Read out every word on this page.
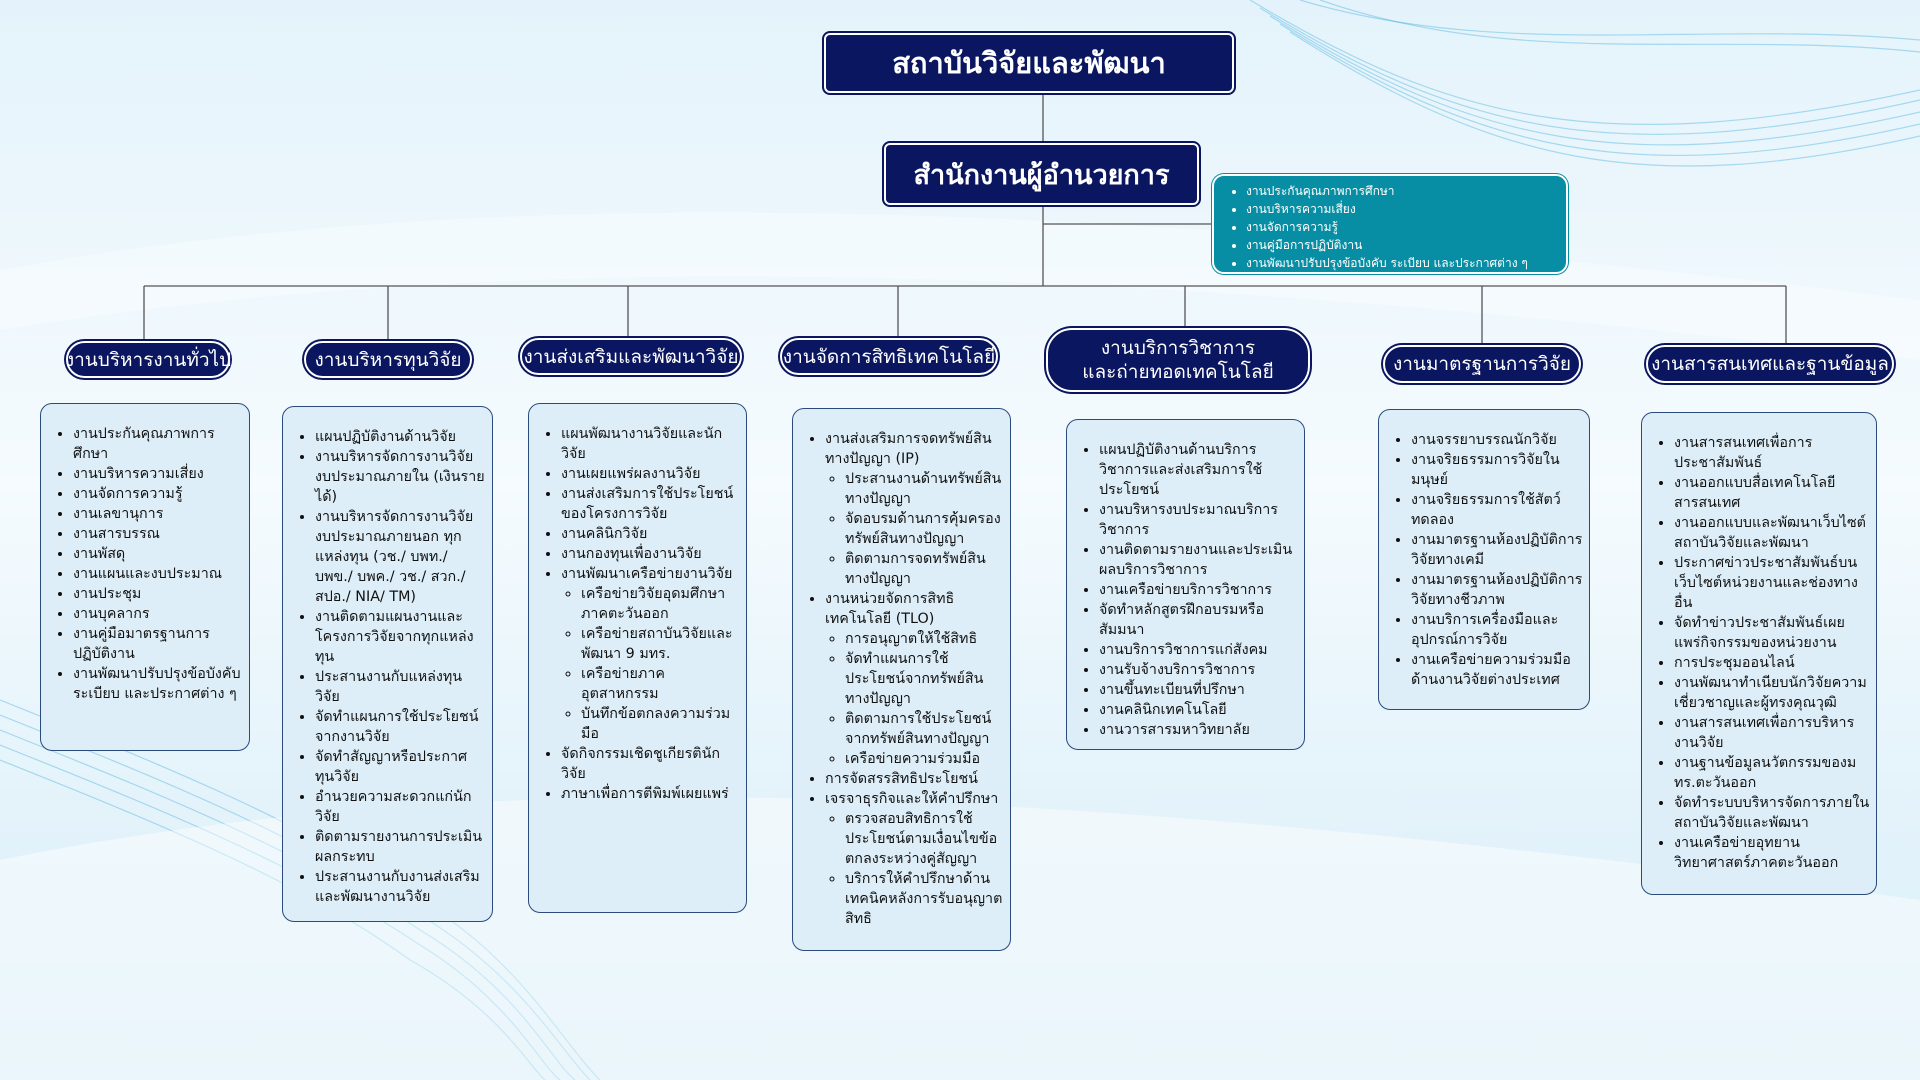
สถาบันวิจัยและพัฒนา
สำนักงานผู้อำนวยการ
• งานประกันคุณภาพการศึกษา
• งานบริหารความเสี่ยง
• งานจัดการความรู้
• งานคู่มือการปฏิบัติงาน
• งานพัฒนาปรับปรุงข้อบังคับ ระเบียบ และประกาศต่าง ๆ
งานบริหารงานทั่วไป	งานบริหารทุนวิจัย	งานส่งเสริมและพัฒนาวิจัย งานจัดการสิทธิเทคโนโลยี	งานบริการวิชาการ
และถ่ายทอดเทคโนโลยี	งานมาตรฐานการวิจัย	งานสารสนเทศและฐานข้อมูล
• งานประกันคุณภาพการศึกษา
• งานบริหารความเสี่ยง
• งานจัดการความรู้
• งานเลขานุการ
• งานสารบรรณ
• งานพัสดุ
• งานแผนและงบประมาณ
• งานประชุม
• งานบุคลากร
• งานคู่มือมาตรฐานการปฏิบัติงาน
• งานพัฒนาปรับปรุงข้อบังคับ ระเบียบ และประกาศต่าง ๆ
• แผนปฏิบัติงานด้านวิจัย
• งานบริหารจัดการงานวิจัยงบประมาณภายใน (เงินรายได้)
• งานบริหารจัดการงานวิจัยงบประมาณภายนอก ทุกแหล่งทุน (วช./ บพท./ บพข./ บพค./ วช./ สวก./ สปอ./ NIA/ TM)
• งานติดตามแผนงานและโครงการวิจัยจากทุกแหล่งทุน
• ประสานงานกับแหล่งทุนวิจัย
• จัดทำแผนการใช้ประโยชน์จากงานวิจัย
• จัดทำสัญญาหรือประกาศทุนวิจัย
• อำนวยความสะดวกแก่นักวิจัย
• ติดตามรายงานการประเมินผลกระทบ
• ประสานงานกับงานส่งเสริมและพัฒนางานวิจัย
• แผนพัฒนางานวิจัยและนักวิจัย
• งานเผยแพร่ผลงานวิจัย
• งานส่งเสริมการใช้ประโยชน์ของโครงการวิจัย
• งานคลินิกวิจัย
• งานกองทุนเพื่องานวิจัย
• งานพัฒนาเครือข่ายงานวิจัย
◦ เครือข่ายวิจัยอุดมศึกษาภาคตะวันออก
◦ เครือข่ายสถาบันวิจัยและพัฒนา 9 มทร.
◦ เครือข่ายภาคอุตสาหกรรม
◦ บันทึกข้อตกลงความร่วมมือ
• จัดกิจกรรมเชิดชูเกียรตินักวิจัย
• ภาษาเพื่อการตีพิมพ์เผยแพร่
• งานส่งเสริมการจดทรัพย์สินทางปัญญา (IP)
◦ ประสานงานด้านทรัพย์สินทางปัญญา
◦ จัดอบรมด้านการคุ้มครองทรัพย์สินทางปัญญา
◦ ติดตามการจดทรัพย์สินทางปัญญา
• งานหน่วยจัดการสิทธิเทคโนโลยี (TLO)
◦ การอนุญาตให้ใช้สิทธิ
◦ จัดทำแผนการใช้ประโยชน์จากทรัพย์สินทางปัญญา
◦ ติดตามการใช้ประโยชน์จากทรัพย์สินทางปัญญา
◦ เครือข่ายความร่วมมือ
• การจัดสรรสิทธิประโยชน์
• เจรจาธุรกิจและให้คำปรึกษา
◦ ตรวจสอบสิทธิการใช้ประโยชน์ตามเงื่อนไขข้อตกลงระหว่างคู่สัญญา
◦ บริการให้คำปรึกษาด้านเทคนิคหลังการรับอนุญาตสิทธิ
• แผนปฏิบัติงานด้านบริการวิชาการและส่งเสริมการใช้ประโยชน์
• งานบริหารงบประมาณบริการวิชาการ
• งานติดตามรายงานและประเมินผลบริการวิชาการ
• งานเครือข่ายบริการวิชาการ
• จัดทำหลักสูตรฝึกอบรมหรือสัมมนา
• งานบริการวิชาการแก่สังคม
• งานรับจ้างบริการวิชาการ
• งานขึ้นทะเบียนที่ปรึกษา
• งานคลินิกเทคโนโลยี
• งานวารสารมหาวิทยาลัย
• งานจรรยาบรรณนักวิจัย
• งานจริยธรรมการวิจัยในมนุษย์
• งานจริยธรรมการใช้สัตว์ทดลอง
• งานมาตรฐานห้องปฏิบัติการวิจัยทางเคมี
• งานมาตรฐานห้องปฏิบัติการวิจัยทางชีวภาพ
• งานบริการเครื่องมือและอุปกรณ์การวิจัย
• งานเครือข่ายความร่วมมือด้านงานวิจัยต่างประเทศ
• งานสารสนเทศเพื่อการประชาสัมพันธ์
• งานออกแบบสื่อเทคโนโลยีสารสนเทศ
• งานออกแบบและพัฒนาเว็บไซต์สถาบันวิจัยและพัฒนา
• ประกาศข่าวประชาสัมพันธ์บนเว็บไซต์หน่วยงานและช่องทางอื่น
• จัดทำข่าวประชาสัมพันธ์เผยแพร่กิจกรรมของหน่วยงาน
• การประชุมออนไลน์
• งานพัฒนาทำเนียบนักวิจัยความเชี่ยวชาญและผู้ทรงคุณวุฒิ
• งานสารสนเทศเพื่อการบริหารงานวิจัย
• งานฐานข้อมูลนวัตกรรมของมทร.ตะวันออก
• จัดทำระบบบริหารจัดการภายในสถาบันวิจัยและพัฒนา
• งานเครือข่ายอุทยานวิทยาศาสตร์ภาคตะวันออก
